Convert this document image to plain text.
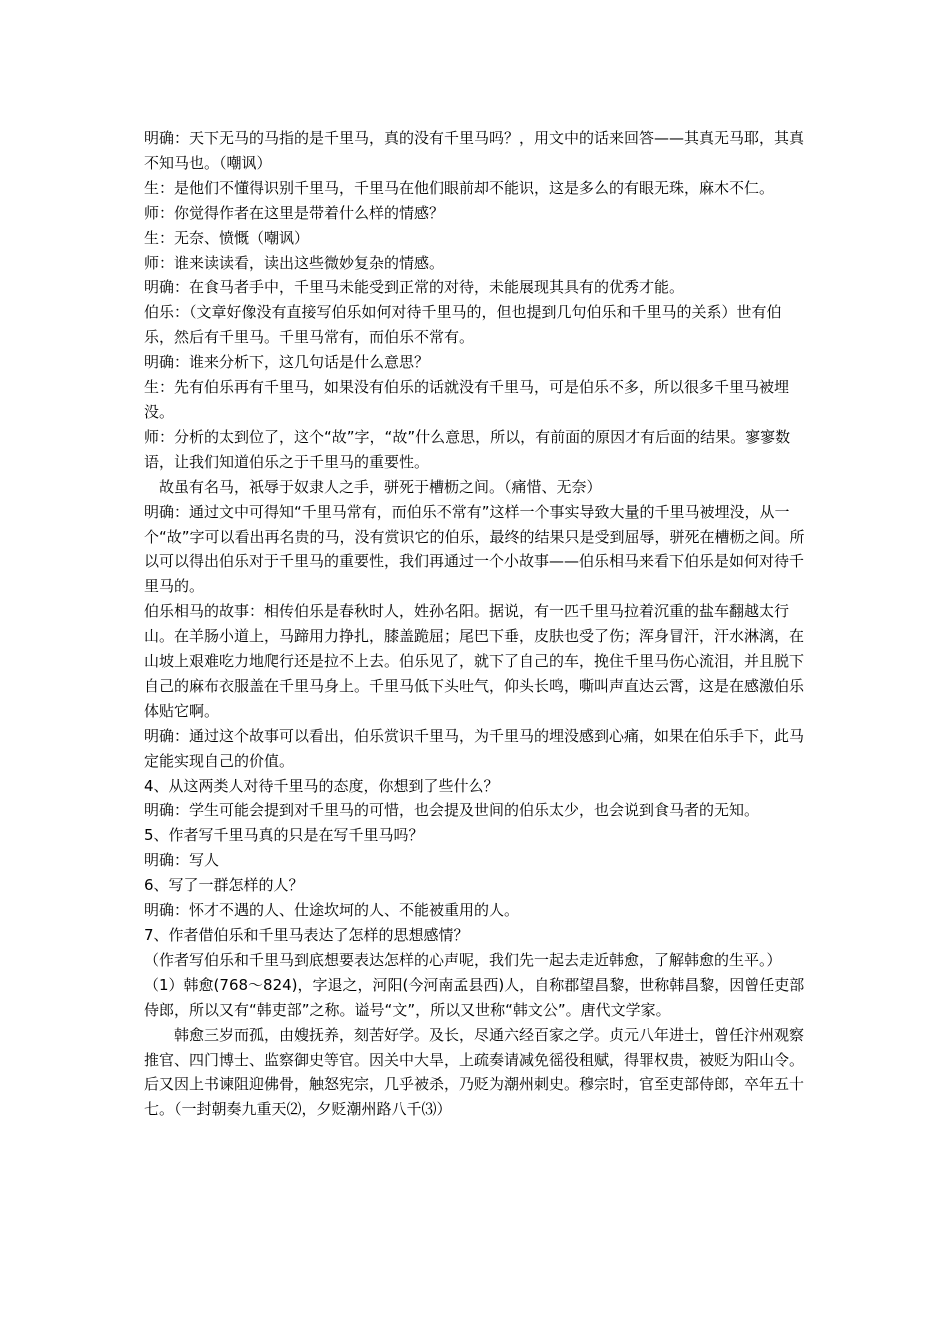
明确：天下无马的马指的是千里马，真的没有千里马吗？，用文中的话来回答——其真无马耶，其真不知马也。（嘲讽）

生：是他们不懂得识别千里马，千里马在他们眼前却不能识，这是多么的有眼无珠，麻木不仁。

师：你觉得作者在这里是带着什么样的情感？

生：无奈、愤慨（嘲讽）

师：谁来读读看，读出这些微妙复杂的情感。

明确：在食马者手中，千里马未能受到正常的对待，未能展现其具有的优秀才能。

伯乐：（文章好像没有直接写伯乐如何对待千里马的，但也提到几句伯乐和千里马的关系）世有伯乐，然后有千里马。千里马常有，而伯乐不常有。

明确：谁来分析下，这几句话是什么意思？

生：先有伯乐再有千里马，如果没有伯乐的话就没有千里马，可是伯乐不多，所以很多千里马被埋没。

师：分析的太到位了，这个“故”字，“故”什么意思，所以，有前面的原因才有后面的结果。寥寥数语，让我们知道伯乐之于千里马的重要性。

故虽有名马，祇辱于奴隶人之手，骈死于槽枥之间。（痛惜、无奈）

明确：通过文中可得知“千里马常有，而伯乐不常有”这样一个事实导致大量的千里马被埋没，从一个“故”字可以看出再名贵的马，没有赏识它的伯乐，最终的结果只是受到屈辱，骈死在槽枥之间。所以可以得出伯乐对于千里马的重要性，我们再通过一个小故事——伯乐相马来看下伯乐是如何对待千里马的。

伯乐相马的故事：相传伯乐是春秋时人，姓孙名阳。据说，有一匹千里马拉着沉重的盐车翻越太行山。在羊肠小道上，马蹄用力挣扎，膝盖跪屈；尾巴下垂，皮肤也受了伤；浑身冒汗，汗水淋漓，在山坡上艰难吃力地爬行还是拉不上去。伯乐见了，就下了自己的车，挽住千里马伤心流泪，并且脱下自己的麻布衣服盖在千里马身上。千里马低下头吐气，仰头长鸣，嘶叫声直达云霄，这是在感激伯乐体贴它啊。

明确：通过这个故事可以看出，伯乐赏识千里马，为千里马的埋没感到心痛，如果在伯乐手下，此马定能实现自己的价值。

4、从这两类人对待千里马的态度，你想到了些什么？

明确：学生可能会提到对千里马的可惜，也会提及世间的伯乐太少，也会说到食马者的无知。

5、作者写千里马真的只是在写千里马吗？

明确：写人

6、写了一群怎样的人？

明确：怀才不遇的人、仕途坎坷的人、不能被重用的人。

7、作者借伯乐和千里马表达了怎样的思想感情？

（作者写伯乐和千里马到底想要表达怎样的心声呢，我们先一起去走近韩愈，了解韩愈的生平。）

（1）韩愈(768～824)，字退之，河阳(今河南孟县西)人，自称郡望昌黎，世称韩昌黎，因曾任吏部侍郎，所以又有“韩吏部”之称。谥号“文”，所以又世称“韩文公”。唐代文学家。

韩愈三岁而孤，由嫂抚养，刻苦好学。及长，尽通六经百家之学。贞元八年进士，曾任汴州观察推官、四门博士、监察御史等官。因关中大旱，上疏奏请减免徭役租赋，得罪权贵，被贬为阳山令。后又因上书谏阻迎佛骨，触怒宪宗，几乎被杀，乃贬为潮州刺史。穆宗时，官至吏部侍郎，卒年五十七。（一封朝奏九重天⑵，夕贬潮州路八千⑶）
